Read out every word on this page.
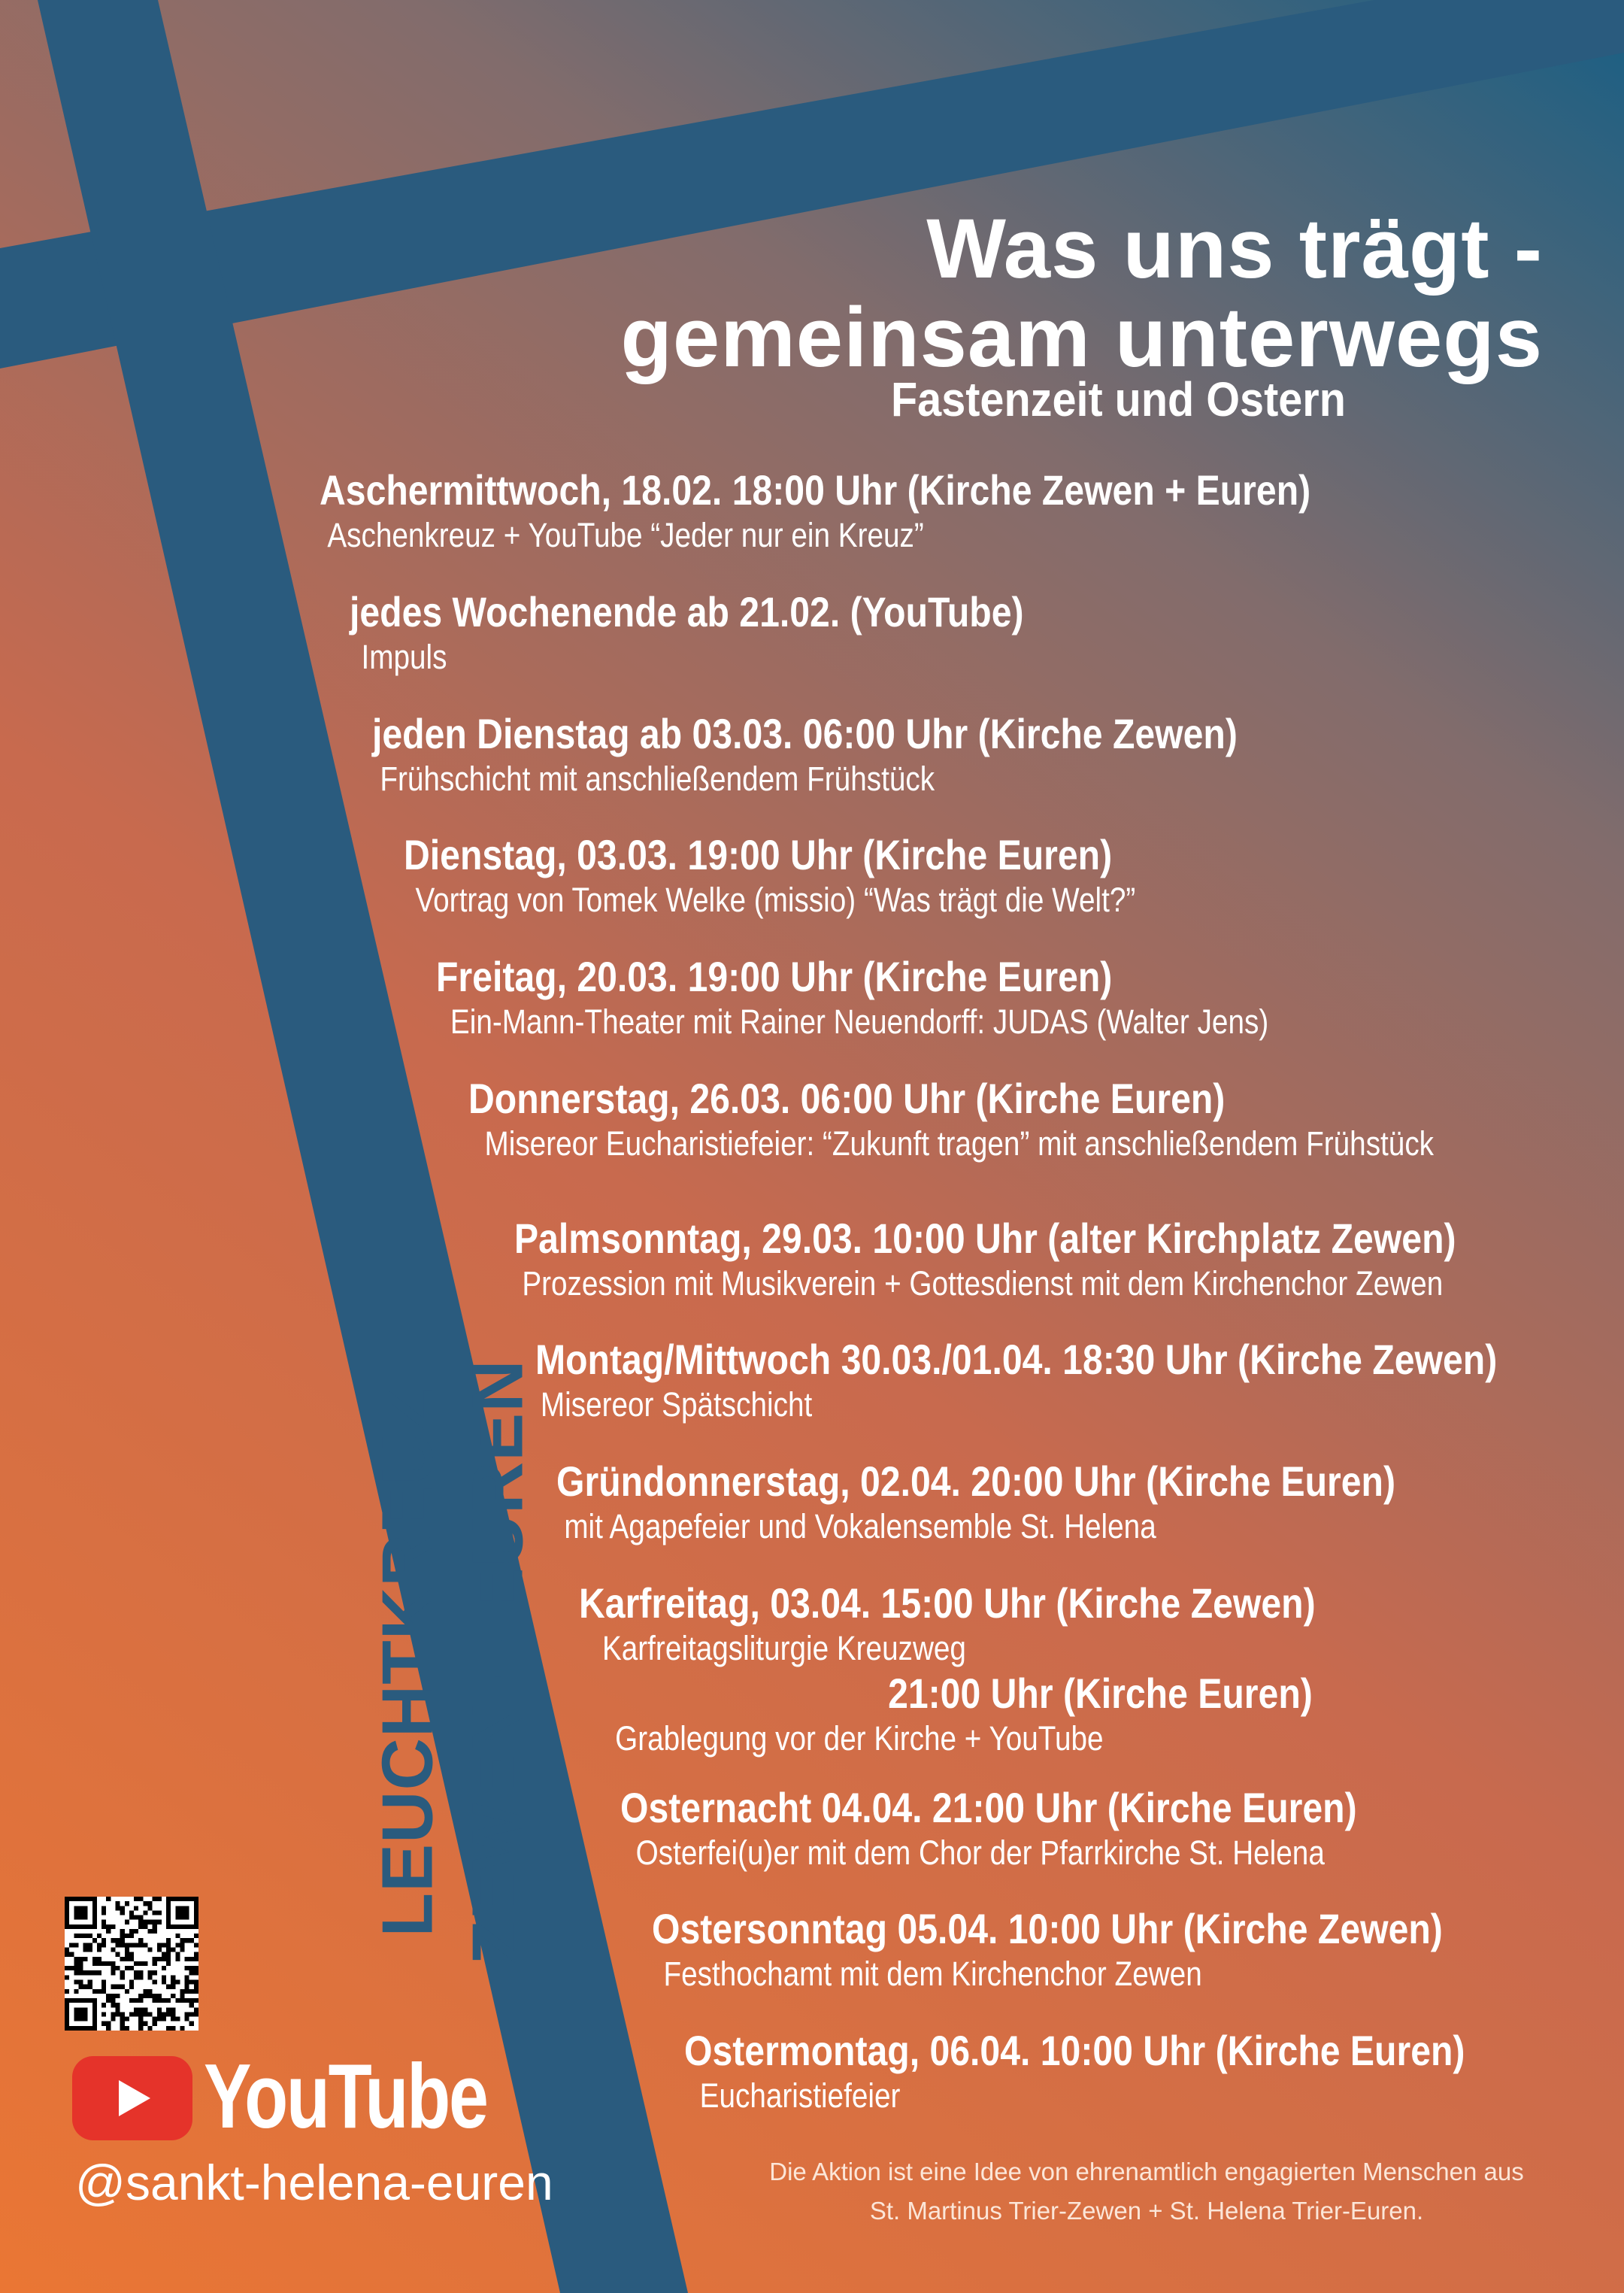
Was uns trägt -
gemeinsam unterwegs
Fastenzeit und Ostern
Aschermittwoch, 18.02. 18:00 Uhr (Kirche Zewen + Euren)
Aschenkreuz + YouTube “Jeder nur ein Kreuz”
jedes Wochenende ab 21.02. (YouTube)
Impuls
jeden Dienstag ab 03.03. 06:00 Uhr (Kirche Zewen)
Frühschicht mit anschließendem Frühstück
Dienstag, 03.03. 19:00 Uhr (Kirche Euren)
Vortrag von Tomek Welke (missio) “Was trägt die Welt?”
Freitag, 20.03. 19:00 Uhr (Kirche Euren)
Ein-Mann-Theater mit Rainer Neuendorff: JUDAS (Walter Jens)
Donnerstag, 26.03. 06:00 Uhr (Kirche Euren)
Misereor Eucharistiefeier: “Zukunft tragen” mit anschließendem Frühstück
Palmsonntag, 29.03. 10:00 Uhr (alter Kirchplatz Zewen)
Prozession mit Musikverein + Gottesdienst mit dem Kirchenchor Zewen
Montag/Mittwoch 30.03./01.04. 18:30 Uhr (Kirche Zewen)
Misereor Spätschicht
Gründonnerstag, 02.04. 20:00 Uhr (Kirche Euren)
mit Agapefeier und Vokalensemble St. Helena
Karfreitag, 03.04. 15:00 Uhr (Kirche Zewen)
Karfreitagsliturgie Kreuzweg
21:00 Uhr (Kirche Euren)
Grablegung vor der Kirche + YouTube
Osternacht 04.04. 21:00 Uhr (Kirche Euren)
Osterfei(u)er mit dem Chor der Pfarrkirche St. Helena
Ostersonntag 05.04. 10:00 Uhr (Kirche Zewen)
Festhochamt mit dem Kirchenchor Zewen
Ostermontag, 06.04. 10:00 Uhr (Kirche Euren)
Eucharistiefeier
LEUCHTKREUZ ZEWEN + EUREN
YouTube
@sankt-helena-euren	Die Aktion ist eine Idee von ehrenamtlich engagierten Menschen aus
St. Martinus Trier-Zewen + St. Helena Trier-Euren.
